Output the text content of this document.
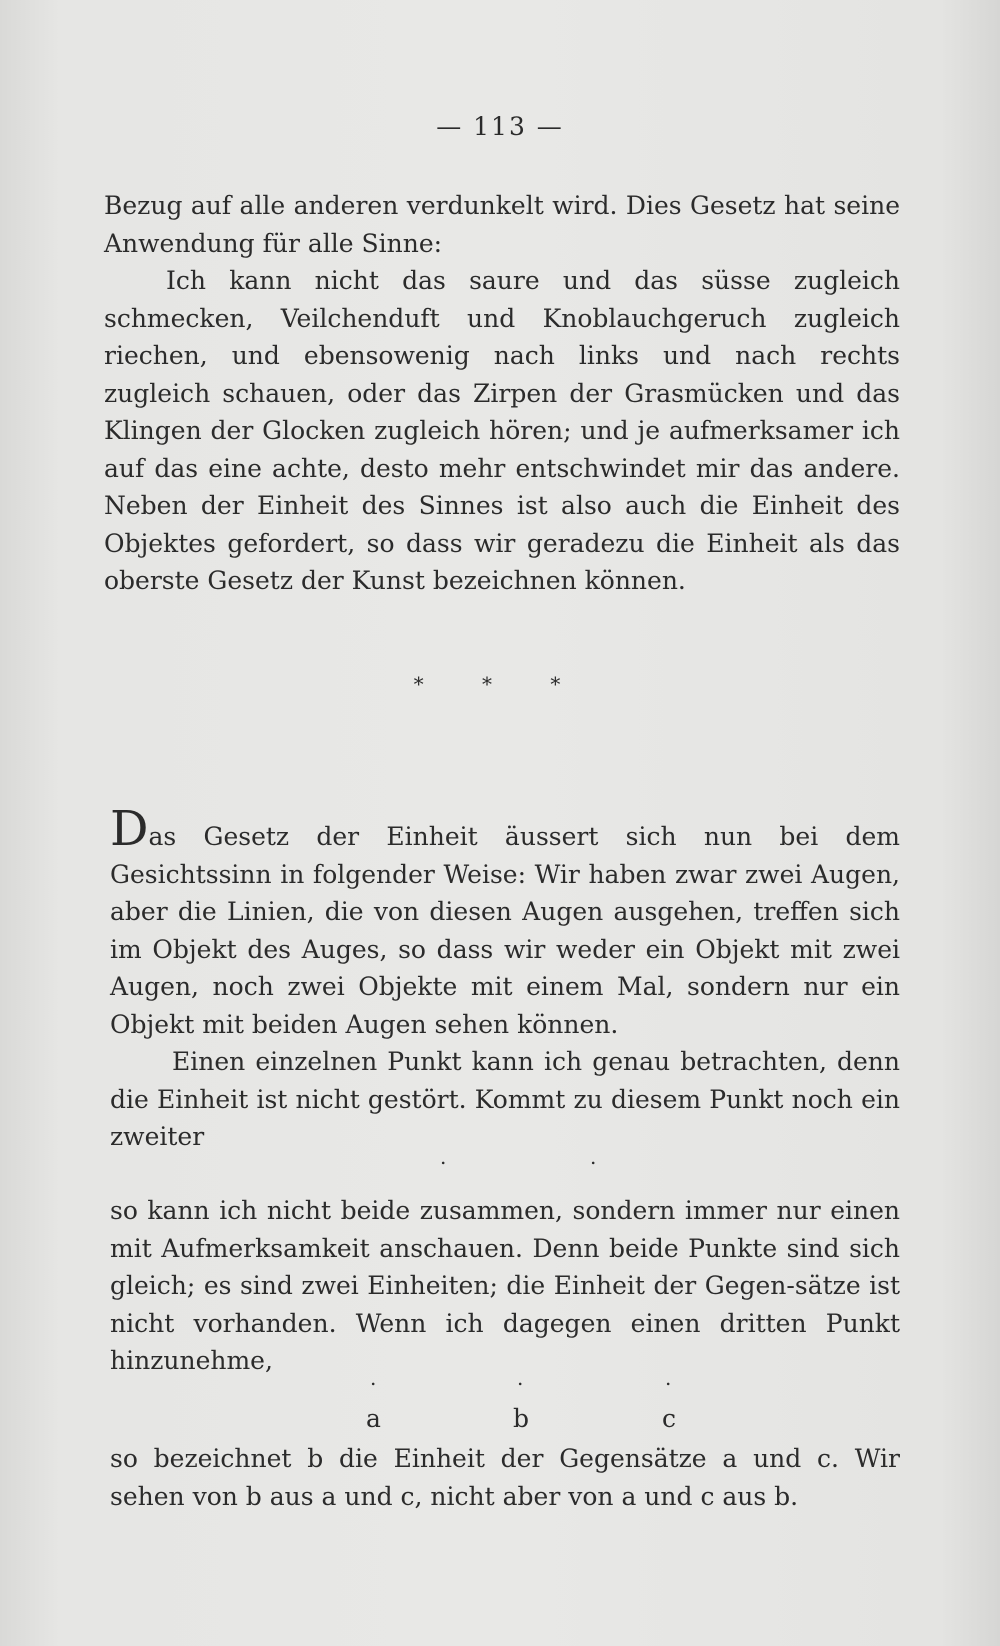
— 113 —

Bezug auf alle anderen verdunkelt wird. Dies Gesetz hat seine Anwendung für alle Sinne:

Ich kann nicht das saure und das süsse zugleich schmecken, Veilchenduft und Knoblauchgeruch zugleich riechen, und ebensowenig nach links und nach rechts zugleich schauen, oder das Zirpen der Grasmücken und das Klingen der Glocken zugleich hören; und je aufmerksamer ich auf das eine achte, desto mehr entschwindet mir das andere. Neben der Einheit des Sinnes ist also auch die Einheit des Objektes gefordert, so dass wir geradezu die Einheit als das oberste Gesetz der Kunst bezeichnen können.

* * *

Das Gesetz der Einheit äussert sich nun bei dem Gesichtssinn in folgender Weise: Wir haben zwar zwei Augen, aber die Linien, die von diesen Augen ausgehen, treffen sich im Objekt des Auges, so dass wir weder ein Objekt mit zwei Augen, noch zwei Objekte mit einem Mal, sondern nur ein Objekt mit beiden Augen sehen können.

Einen einzelnen Punkt kann ich genau betrachten, denn die Einheit ist nicht gestört. Kommt zu diesem Punkt noch ein zweiter

.	.
so kann ich nicht beide zusammen, sondern immer nur einen mit Aufmerksamkeit anschauen. Denn beide Punkte sind sich gleich; es sind zwei Einheiten; die Einheit der Gegen-sätze ist nicht vorhanden. Wenn ich dagegen einen dritten Punkt hinzunehme,
.	.	.
a	b	c
so bezeichnet b die Einheit der Gegensätze a und c. Wir sehen von b aus a und c, nicht aber von a und c aus b.
